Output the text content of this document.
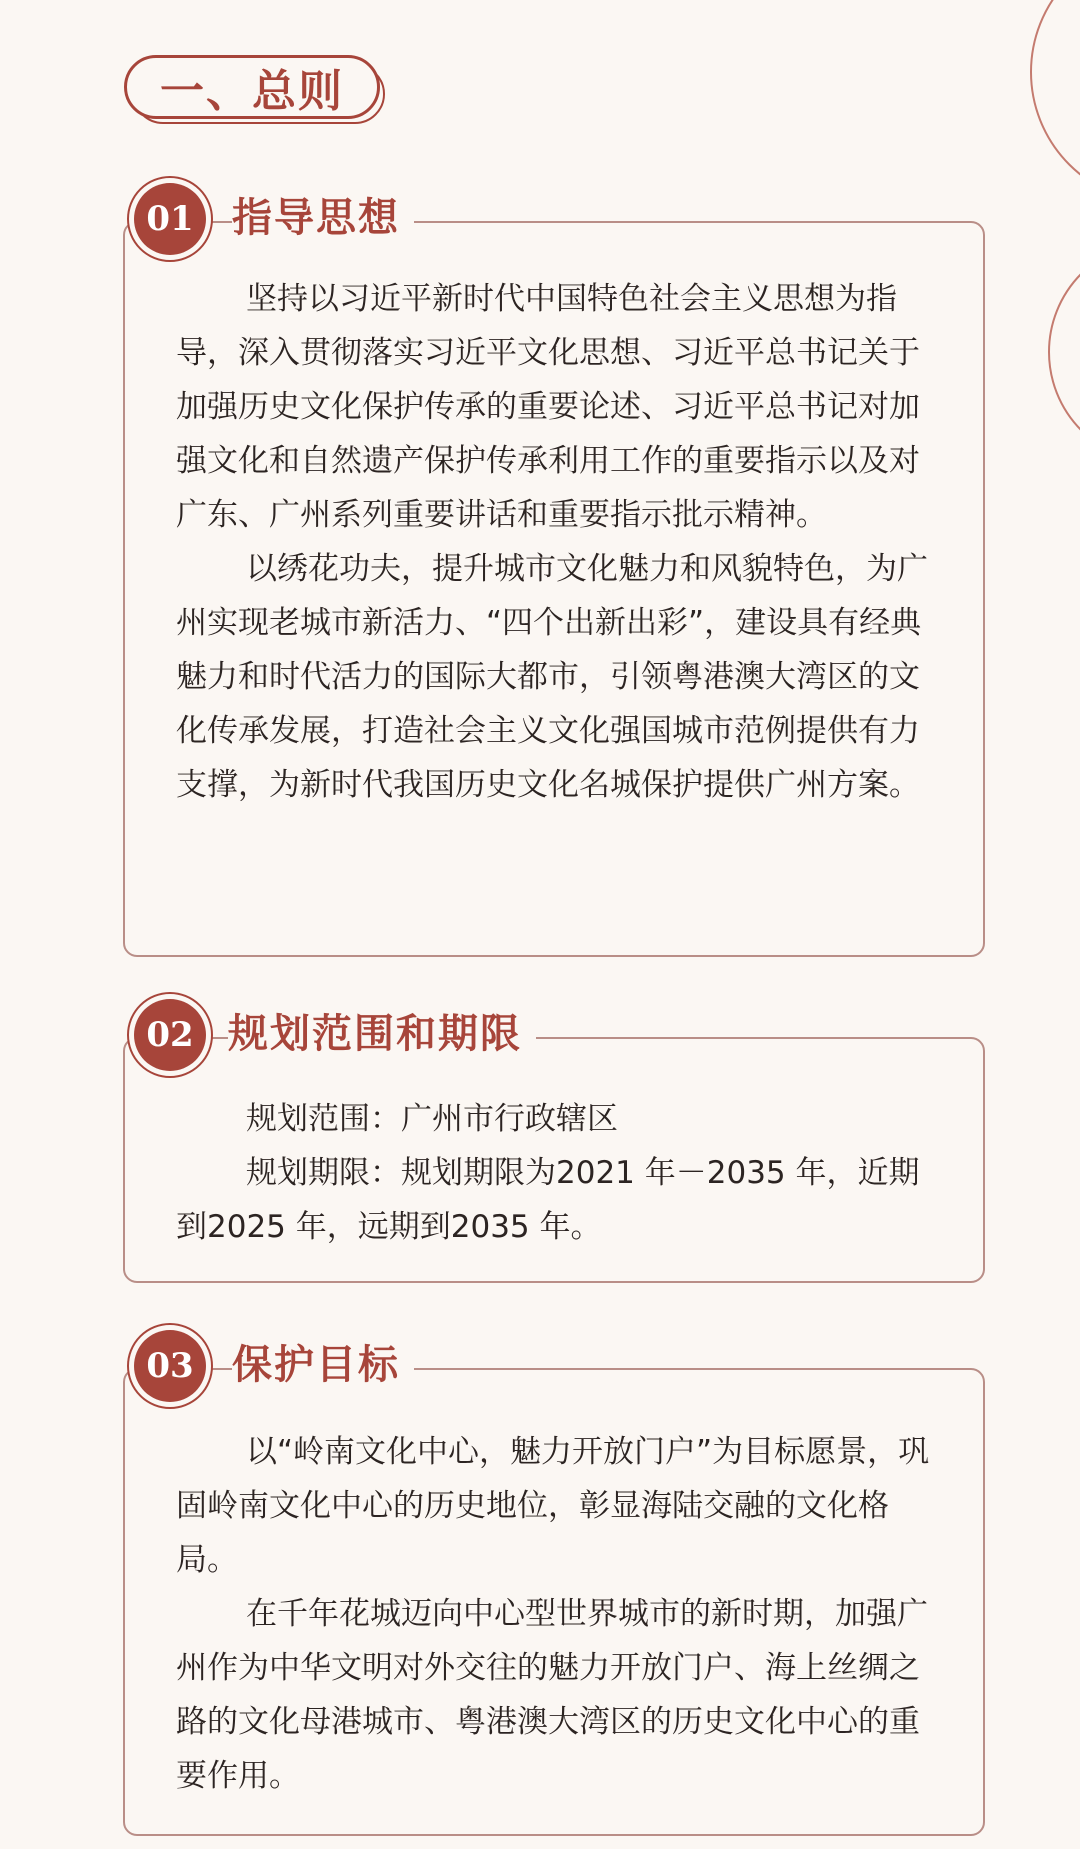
一、总则
01 指导思想

坚持以习近平新时代中国特色社会主义思想为指导，深入贯彻落实习近平文化思想、习近平总书记关于加强历史文化保护传承的重要论述、习近平总书记对加强文化和自然遗产保护传承利用工作的重要指示以及对广东、广州系列重要讲话和重要指示批示精神。

以绣花功夫，提升城市文化魅力和风貌特色，为广州实现老城市新活力、“四个出新出彩”，建设具有经典魅力和时代活力的国际大都市，引领粤港澳大湾区的文化传承发展，打造社会主义文化强国城市范例提供有力支撑，为新时代我国历史文化名城保护提供广州方案。

02 规划范围和期限

规划范围：广州市行政辖区

规划期限：规划期限为2021 年－2035 年，近期到2025 年，远期到2035 年。

03 保护目标

以“岭南文化中心，魅力开放门户”为目标愿景，巩固岭南文化中心的历史地位，彰显海陆交融的文化格局。

在千年花城迈向中心型世界城市的新时期，加强广州作为中华文明对外交往的魅力开放门户、海上丝绸之路的文化母港城市、粤港澳大湾区的历史文化中心的重要作用。
